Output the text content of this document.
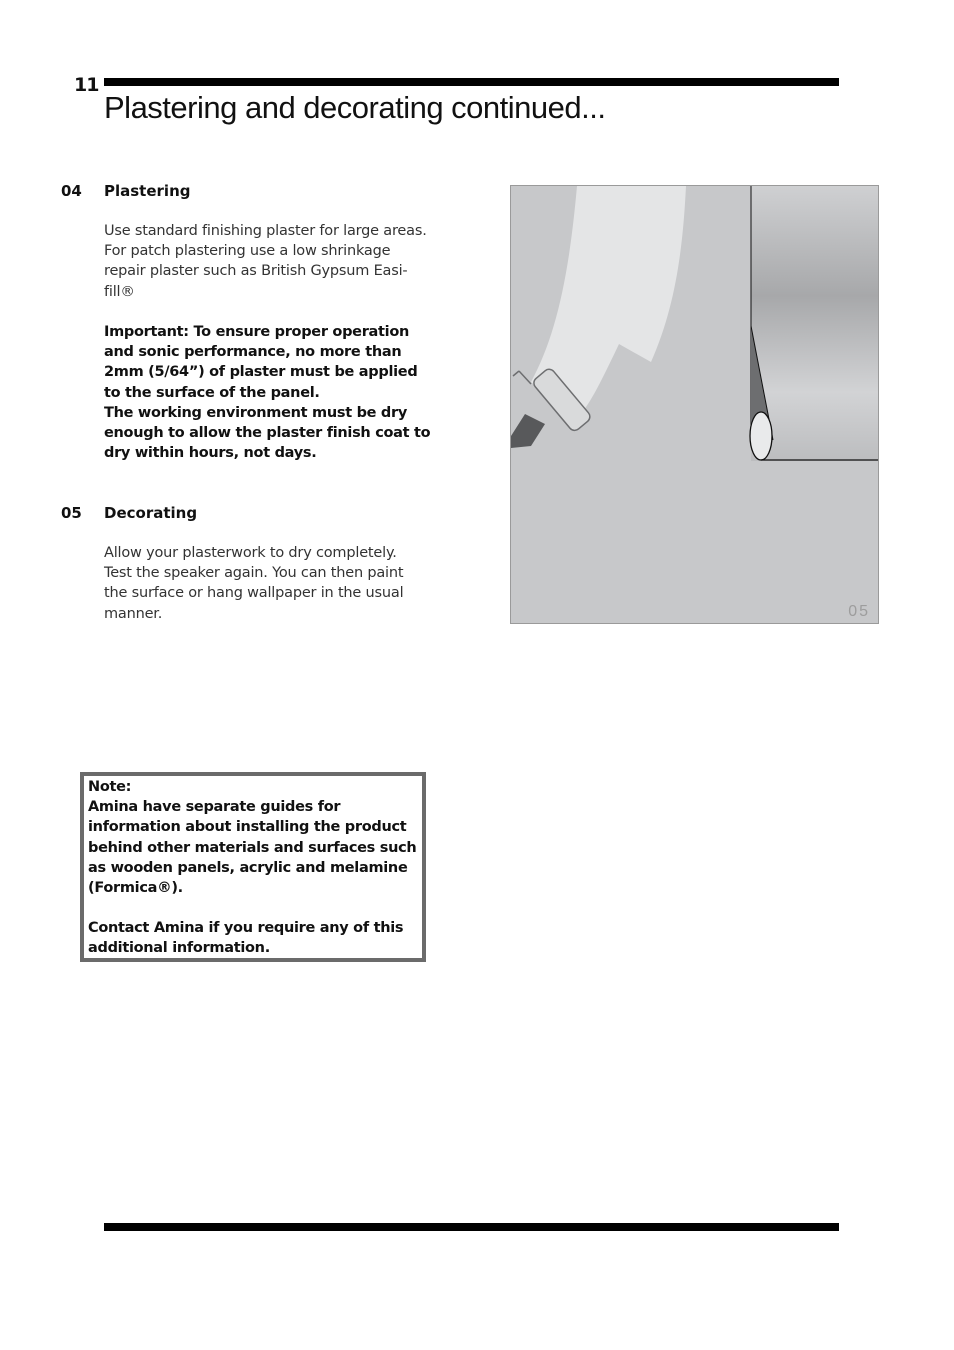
11
Plastering and decorating continued...
04 Plastering
Use standard finishing plaster for large areas. For patch plastering use a low shrinkage repair plaster such as British Gypsum Easi-fill®
Important: To ensure proper operation and sonic performance, no more than 2mm (5/64”) of plaster must be applied to the surface of the panel.
The working environment must be dry enough to allow the plaster finish coat to dry within hours, not days.
05 Decorating
Allow your plasterwork to dry completely. Test the speaker again. You can then paint the surface or hang wallpaper in the usual manner.	05

Note:

Amina have separate guides for information about installing the product behind other materials and surfaces such as wooden panels, acrylic and melamine (Formica®).

Contact Amina if you require any of this additional information.
